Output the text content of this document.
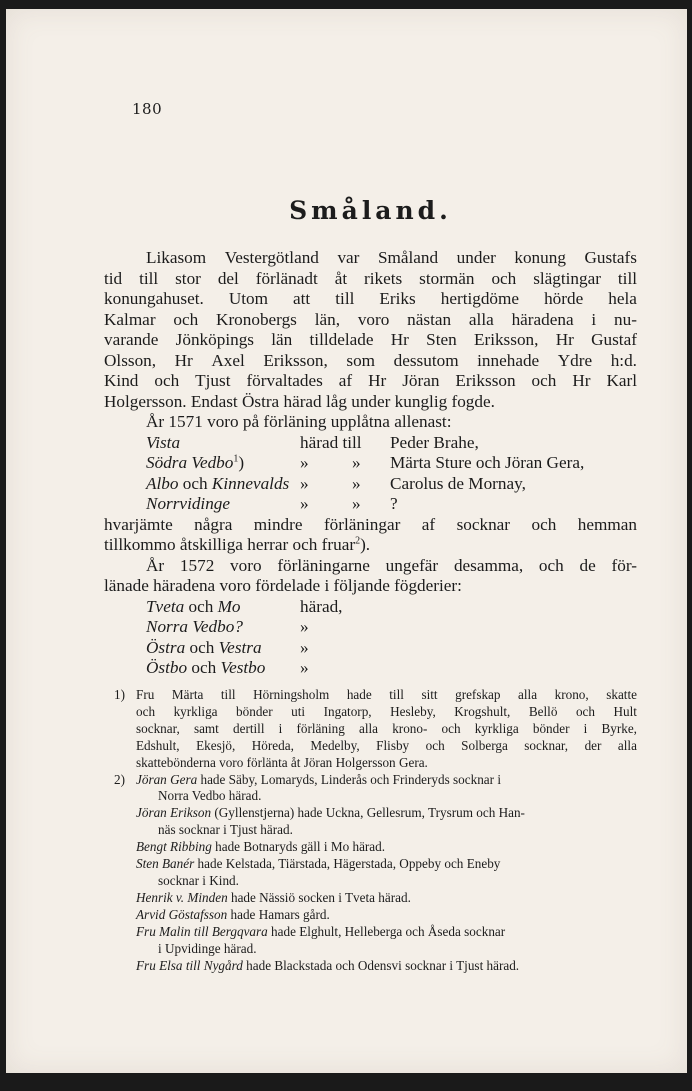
180
Småland.
Likasom Vestergötland var Småland under konung Gustafs
tid till stor del förlänadt åt rikets stormän och slägtingar till
konungahuset. Utom att till Eriks hertigdöme hörde hela
Kalmar och Kronobergs län, voro nästan alla häradena i nu-
varande Jönköpings län tilldelade Hr Sten Eriksson, Hr Gustaf
Olsson, Hr Axel Eriksson, som dessutom innehade Ydre h:d.
Kind och Tjust förvaltades af Hr Jöran Eriksson och Hr Karl
Holgersson. Endast Östra härad låg under kunglig fogde.
År 1571 voro på förläning upplåtna allenast:
Vista	härad till	Peder Brahe,
Södra Vedbo$^1$)	»	»	Märta Sture och Jöran Gera,
Albo och Kinnevalds »	»	Carolus de Mornay,
Norrvidinge	»	»	?
hvarjämte några mindre förläningar af socknar och hemman
tillkommo åtskilliga herrar och fruar$^2$).
År 1572 voro förläningarne ungefär desamma, och de för-
länade häradena voro fördelade i följande fögderier:
Tveta och Mo	härad,
Norra Vedbo?	»
Östra och Vestra	»
Östbo och Vestbo	»
1) Fru Märta till Hörningsholm hade till sitt grefskap alla krono, skatte
och kyrkliga bönder uti Ingatorp, Hesleby, Krogshult, Bellö och Hult
socknar, samt dertill i förläning alla krono- och kyrkliga bönder i Byrke,
Edshult, Ekesjö, Höreda, Medelby, Flisby och Solberga socknar, der alla
skattebönderna voro förlänta åt Jöran Holgersson Gera.
2) Jöran Gera hade Säby, Lomaryds, Linderås och Frinderyds socknar i
Norra Vedbo härad.
Jöran Erikson (Gyllenstjerna) hade Uckna, Gellesrum, Trysrum och Han-
näs socknar i Tjust härad.
Bengt Ribbing hade Botnaryds gäll i Mo härad.
Sten Banér hade Kelstada, Tiärstada, Hägerstada, Oppeby och Eneby
socknar i Kind.
Henrik v. Minden hade Nässiö socken i Tveta härad.
Arvid Göstafsson hade Hamars gård.
Fru Malin till Bergqvara hade Elghult, Helleberga och Åseda socknar
i Upvidinge härad.
Fru Elsa till Nygård hade Blackstada och Odensvi socknar i Tjust härad.
